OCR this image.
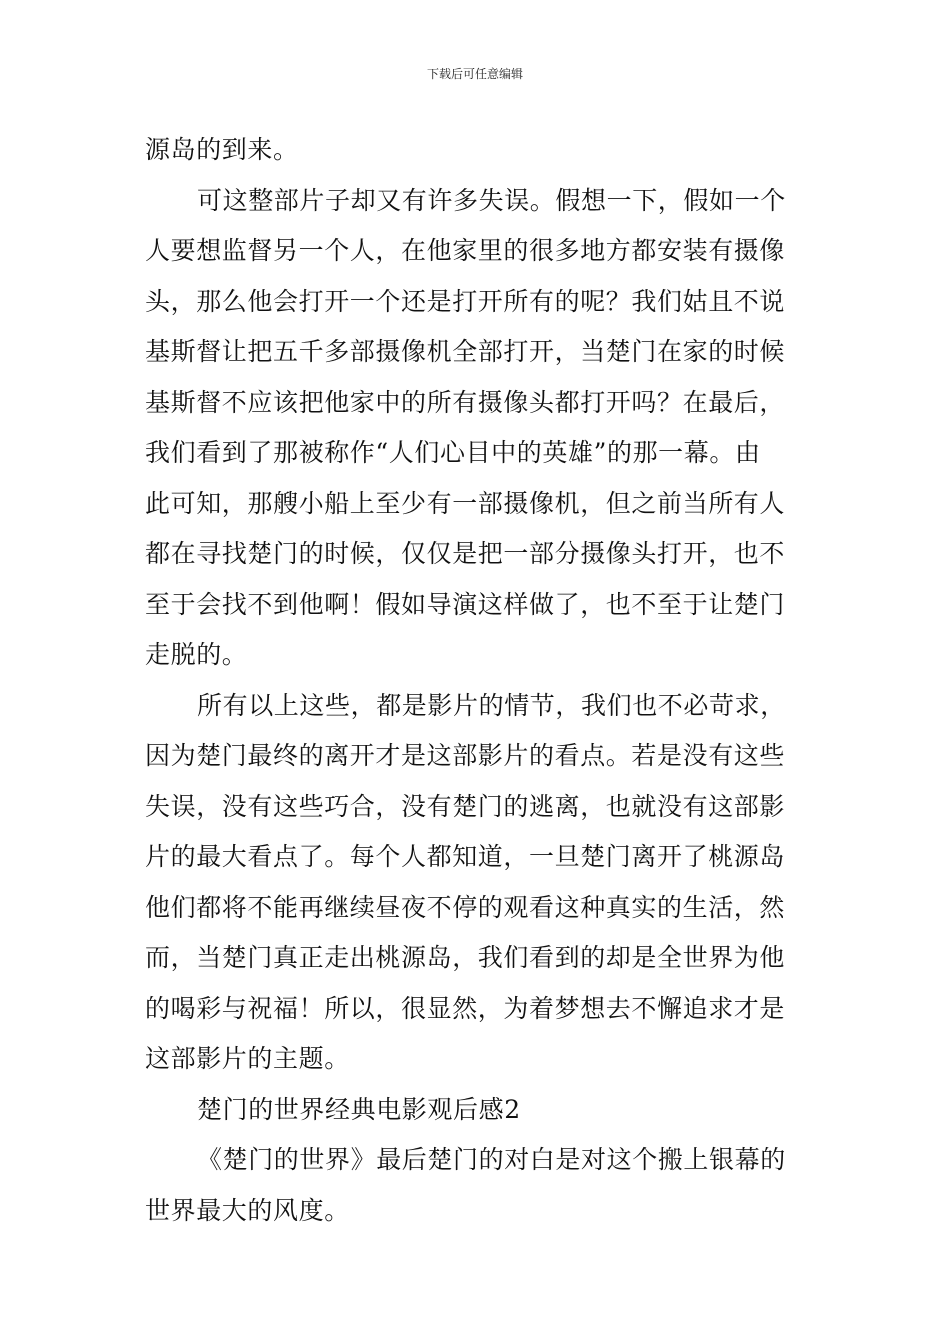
下载后可任意编辑
源岛的到来。
可这整部片子却又有许多失误。假想一下，假如一个
人要想监督另一个人，在他家里的很多地方都安装有摄像
头，那么他会打开一个还是打开所有的呢？我们姑且不说
基斯督让把五千多部摄像机全部打开，当楚门在家的时候
基斯督不应该把他家中的所有摄像头都打开吗？在最后，
我们看到了那被称作“人们心目中的英雄”的那一幕。由
此可知，那艘小船上至少有一部摄像机，但之前当所有人
都在寻找楚门的时候，仅仅是把一部分摄像头打开，也不
至于会找不到他啊！假如导演这样做了，也不至于让楚门
走脱的。
所有以上这些，都是影片的情节，我们也不必苛求，
因为楚门最终的离开才是这部影片的看点。若是没有这些
失误，没有这些巧合，没有楚门的逃离，也就没有这部影
片的最大看点了。每个人都知道，一旦楚门离开了桃源岛
他们都将不能再继续昼夜不停的观看这种真实的生活，然
而，当楚门真正走出桃源岛，我们看到的却是全世界为他
的喝彩与祝福！所以，很显然，为着梦想去不懈追求才是
这部影片的主题。
楚门的世界经典电影观后感2
《楚门的世界》最后楚门的对白是对这个搬上银幕的
世界最大的风度。
